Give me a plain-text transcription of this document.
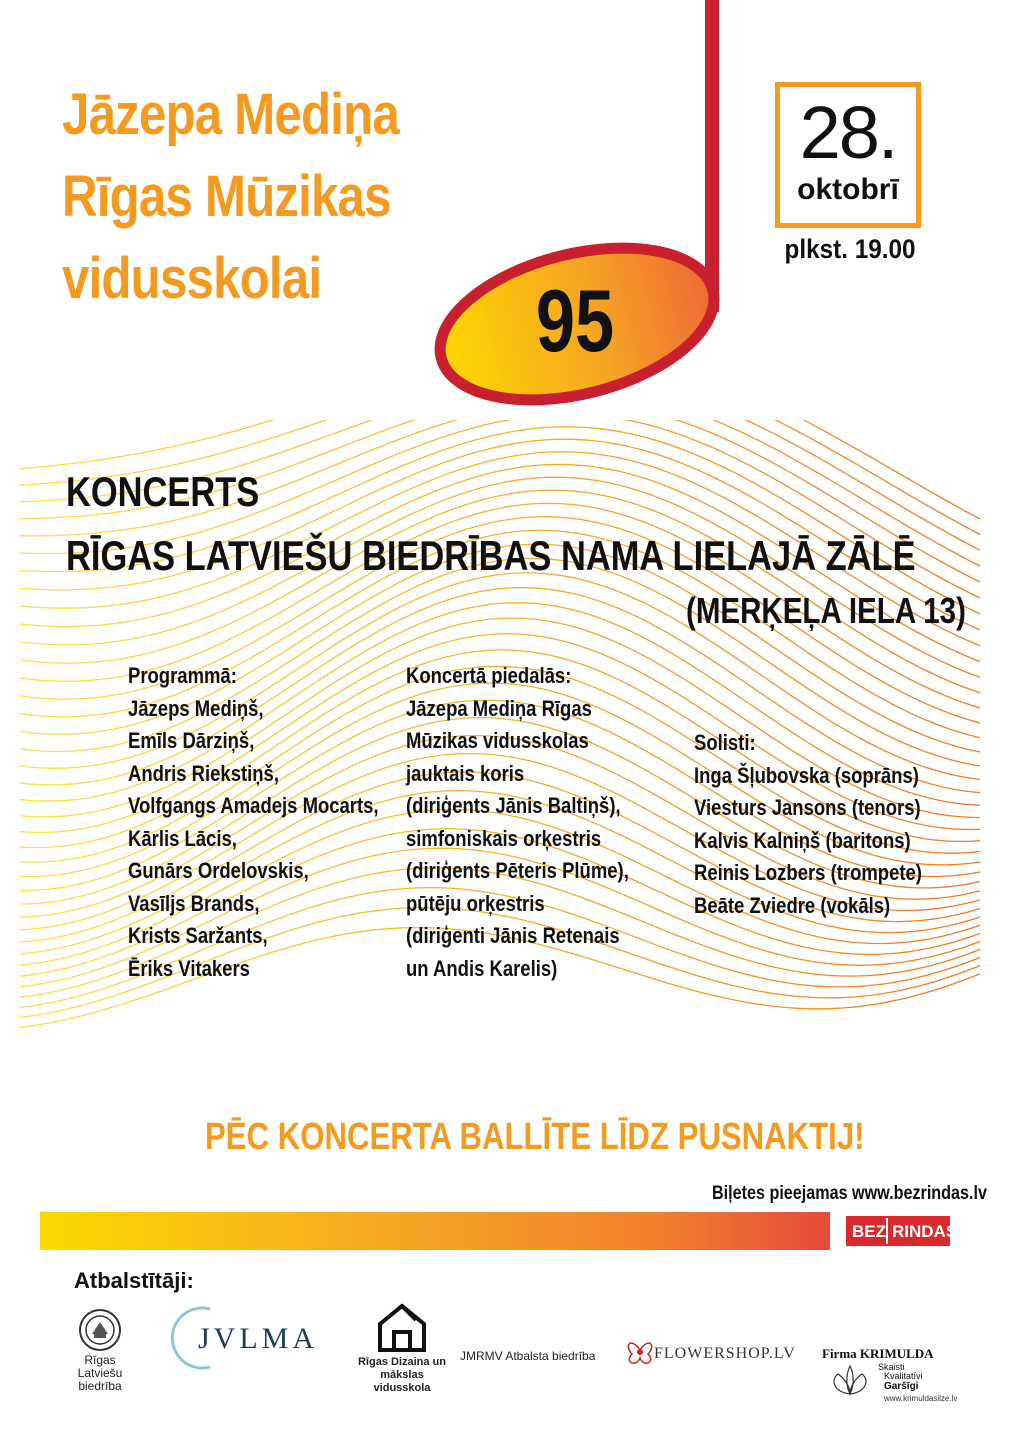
Jāzepa Mediņa
Rīgas Mūzikas
vidusskolai	95
28.
oktobrī
plkst. 19.00
KONCERTS
RĪGAS LATVIEŠU BIEDRĪBAS NAMA LIELAJĀ ZĀLĒ
(MERĶEĻA IELA 13)
Programmā:
Jāzeps Mediņš,
Emīls Dārziņš,
Andris Riekstiņš,
Volfgangs Amadejs Mocarts,
Kārlis Lācis,
Gunārs Ordelovskis,
Vasīljs Brands,
Krists Saržants,
Ēriks Vitakers
Koncertā piedalās:
Jāzepa Mediņa Rīgas
Mūzikas vidusskolas
jauktais koris
(diriģents Jānis Baltiņš),
simfoniskais orķestris
(diriģents Pēteris Plūme),
pūtēju orķestris
(diriģenti Jānis Retenais
un Andis Karelis)
Solisti:
Inga Šļubovska (soprāns)
Viesturs Jansons (tenors)
Kalvis Kalniņš (baritons)
Reinis Lozbers (trompete)
Beāte Zviedre (vokāls)
PĒC KONCERTA BALLĪTE LĪDZ PUSNAKTIJ!
Biļetes pieejamas www.bezrindas.lv
BEZ RINDAS.LV
Atbalstītāji:
Rīgas Latviešu biedrība
JVLMA
Rīgas Dizaina un mākslas vidusskola
JMRMV Atbalsta biedrība	FLOWERSHOP.LV Firma KRIMULDA
Skaisti
Kvalitatīvi
Garšīgi
www.krimuldasilze.lv
